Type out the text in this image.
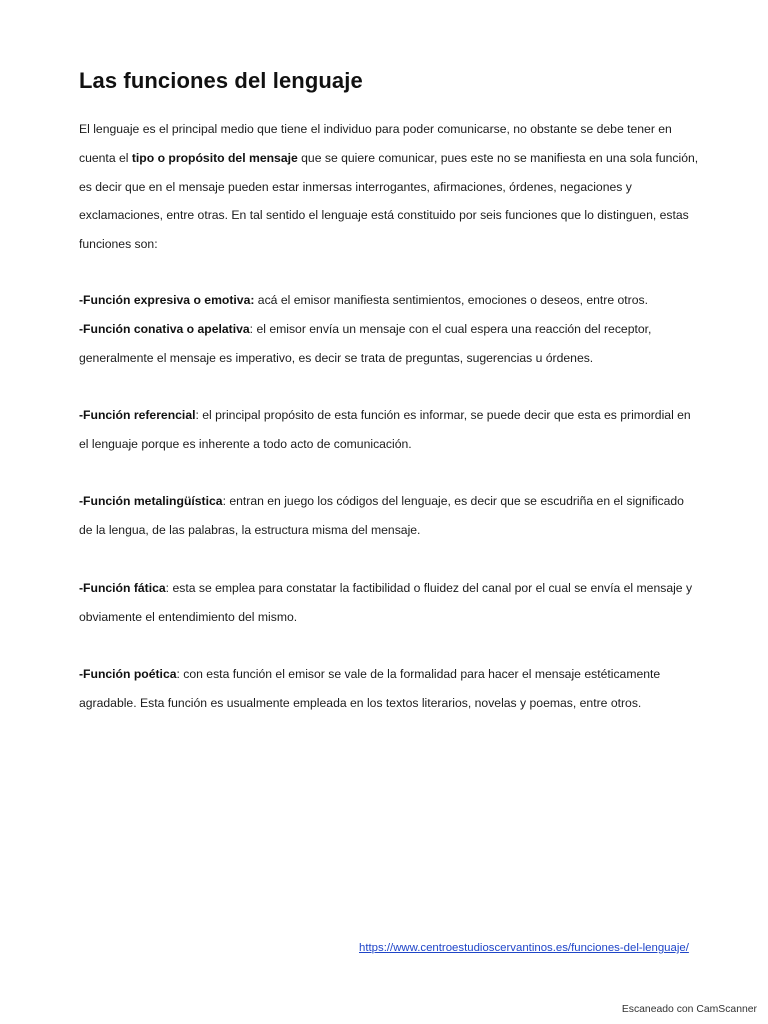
Las funciones del lenguaje

El lenguaje es el principal medio que tiene el individuo para poder comunicarse, no obstante se debe tener en cuenta el tipo o propósito del mensaje que se quiere comunicar, pues este no se manifiesta en una sola función, es decir que en el mensaje pueden estar inmersas interrogantes, afirmaciones, órdenes, negaciones y exclamaciones, entre otras. En tal sentido el lenguaje está constituido por seis funciones que lo distinguen, estas funciones son:

-Función expresiva o emotiva: acá el emisor manifiesta sentimientos, emociones o deseos, entre otros.
-Función conativa o apelativa: el emisor envía un mensaje con el cual espera una reacción del receptor, generalmente el mensaje es imperativo, es decir se trata de preguntas, sugerencias u órdenes.

-Función referencial: el principal propósito de esta función es informar, se puede decir que esta es primordial en el lenguaje porque es inherente a todo acto de comunicación.

-Función metalingüística: entran en juego los códigos del lenguaje, es decir que se escudriña en el significado de la lengua, de las palabras, la estructura misma del mensaje.

-Función fática: esta se emplea para constatar la factibilidad o fluidez del canal por el cual se envía el mensaje y obviamente el entendimiento del mismo.

-Función poética: con esta función el emisor se vale de la formalidad para hacer el mensaje estéticamente agradable. Esta función es usualmente empleada en los textos literarios, novelas y poemas, entre otros.

https://www.centroestudioscervantinos.es/funciones-del-lenguaje/
Escaneado con CamScanner
